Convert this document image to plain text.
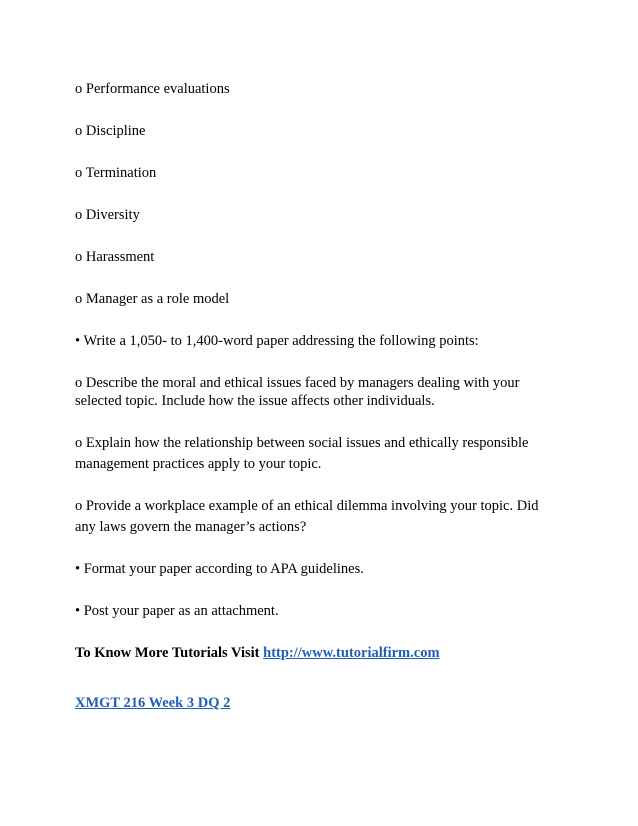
o Performance evaluations
o Discipline
o Termination
o Diversity
o Harassment
o Manager as a role model
• Write a 1,050- to 1,400-word paper addressing the following points:
o Describe the moral and ethical issues faced by managers dealing with your
selected topic. Include how the issue affects other individuals.
o Explain how the relationship between social issues and ethically responsible
management practices apply to your topic.
o Provide a workplace example of an ethical dilemma involving your topic. Did
any laws govern the manager’s actions?
• Format your paper according to APA guidelines.
• Post your paper as an attachment.
To Know More Tutorials Visit http://www.tutorialfirm.com
XMGT 216 Week 3 DQ 2
